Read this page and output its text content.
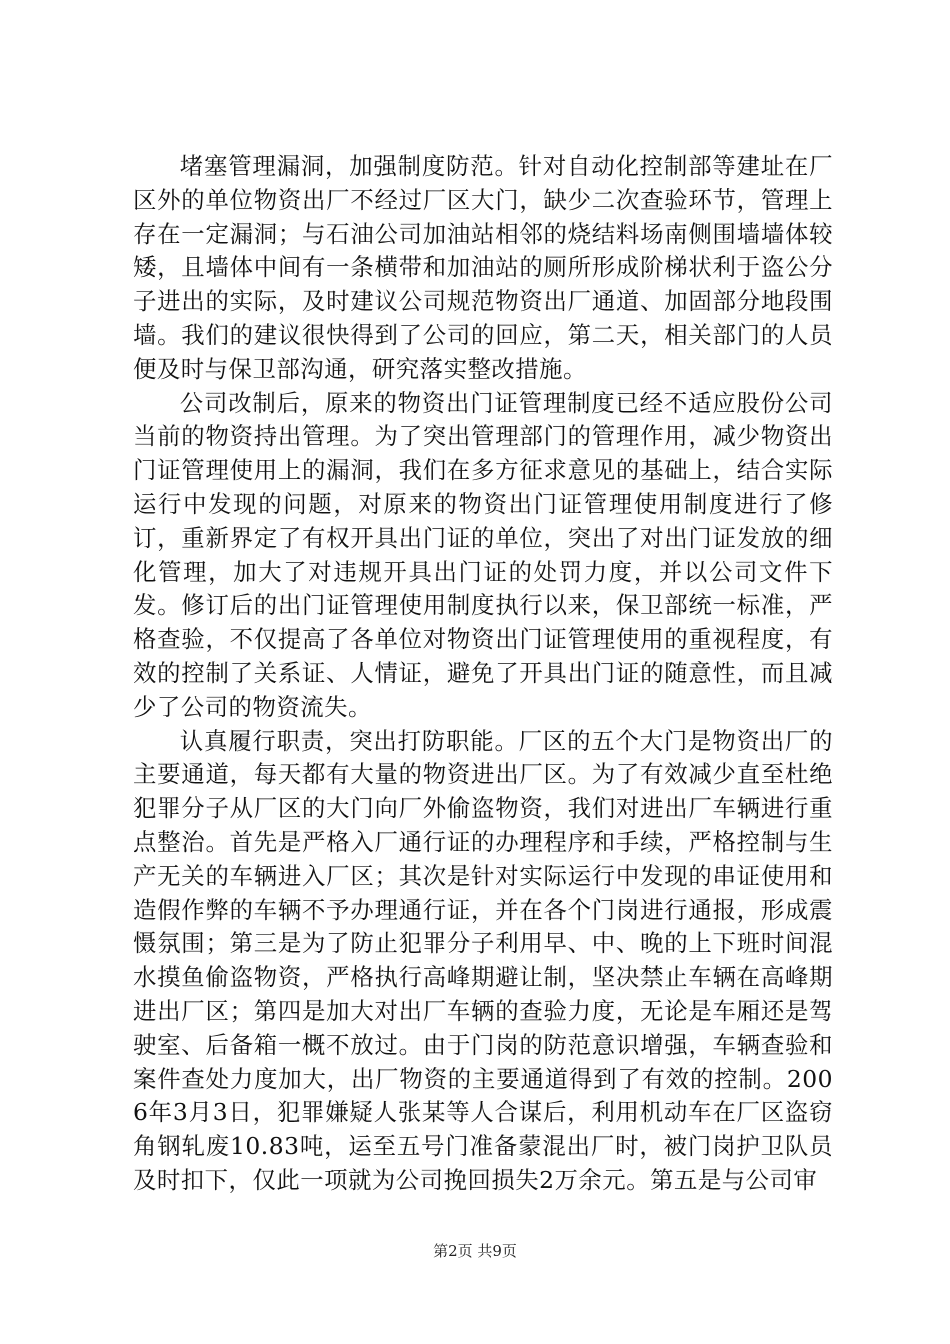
堵塞管理漏洞，加强制度防范。针对自动化控制部等建址在厂区外的单位物资出厂不经过厂区大门，缺少二次查验环节，管理上存在一定漏洞；与石油公司加油站相邻的烧结料场南侧围墙墙体较矮，且墙体中间有一条横带和加油站的厕所形成阶梯状利于盗公分子进出的实际，及时建议公司规范物资出厂通道、加固部分地段围墙。我们的建议很快得到了公司的回应，第二天，相关部门的人员便及时与保卫部沟通，研究落实整改措施。

公司改制后，原来的物资出门证管理制度已经不适应股份公司当前的物资持出管理。为了突出管理部门的管理作用，减少物资出门证管理使用上的漏洞，我们在多方征求意见的基础上，结合实际运行中发现的问题，对原来的物资出门证管理使用制度进行了修订，重新界定了有权开具出门证的单位，突出了对出门证发放的细化管理，加大了对违规开具出门证的处罚力度，并以公司文件下发。修订后的出门证管理使用制度执行以来，保卫部统一标准，严格查验，不仅提高了各单位对物资出门证管理使用的重视程度，有效的控制了关系证、人情证，避免了开具出门证的随意性，而且减少了公司的物资流失。

认真履行职责，突出打防职能。厂区的五个大门是物资出厂的主要通道，每天都有大量的物资进出厂区。为了有效减少直至杜绝犯罪分子从厂区的大门向厂外偷盗物资，我们对进出厂车辆进行重点整治。首先是严格入厂通行证的办理程序和手续，严格控制与生产无关的车辆进入厂区；其次是针对实际运行中发现的串证使用和造假作弊的车辆不予办理通行证，并在各个门岗进行通报，形成震慑氛围；第三是为了防止犯罪分子利用早、中、晚的上下班时间混水摸鱼偷盗物资，严格执行高峰期避让制，坚决禁止车辆在高峰期进出厂区；第四是加大对出厂车辆的查验力度，无论是车厢还是驾驶室、后备箱一概不放过。由于门岗的防范意识增强，车辆查验和案件查处力度加大，出厂物资的主要通道得到了有效的控制。2006年3月3日，犯罪嫌疑人张某等人合谋后，利用机动车在厂区盗窃角钢轧废10.83吨，运至五号门准备蒙混出厂时，被门岗护卫队员及时扣下，仅此一项就为公司挽回损失2万余元。第五是与公司审

第2页 共9页
